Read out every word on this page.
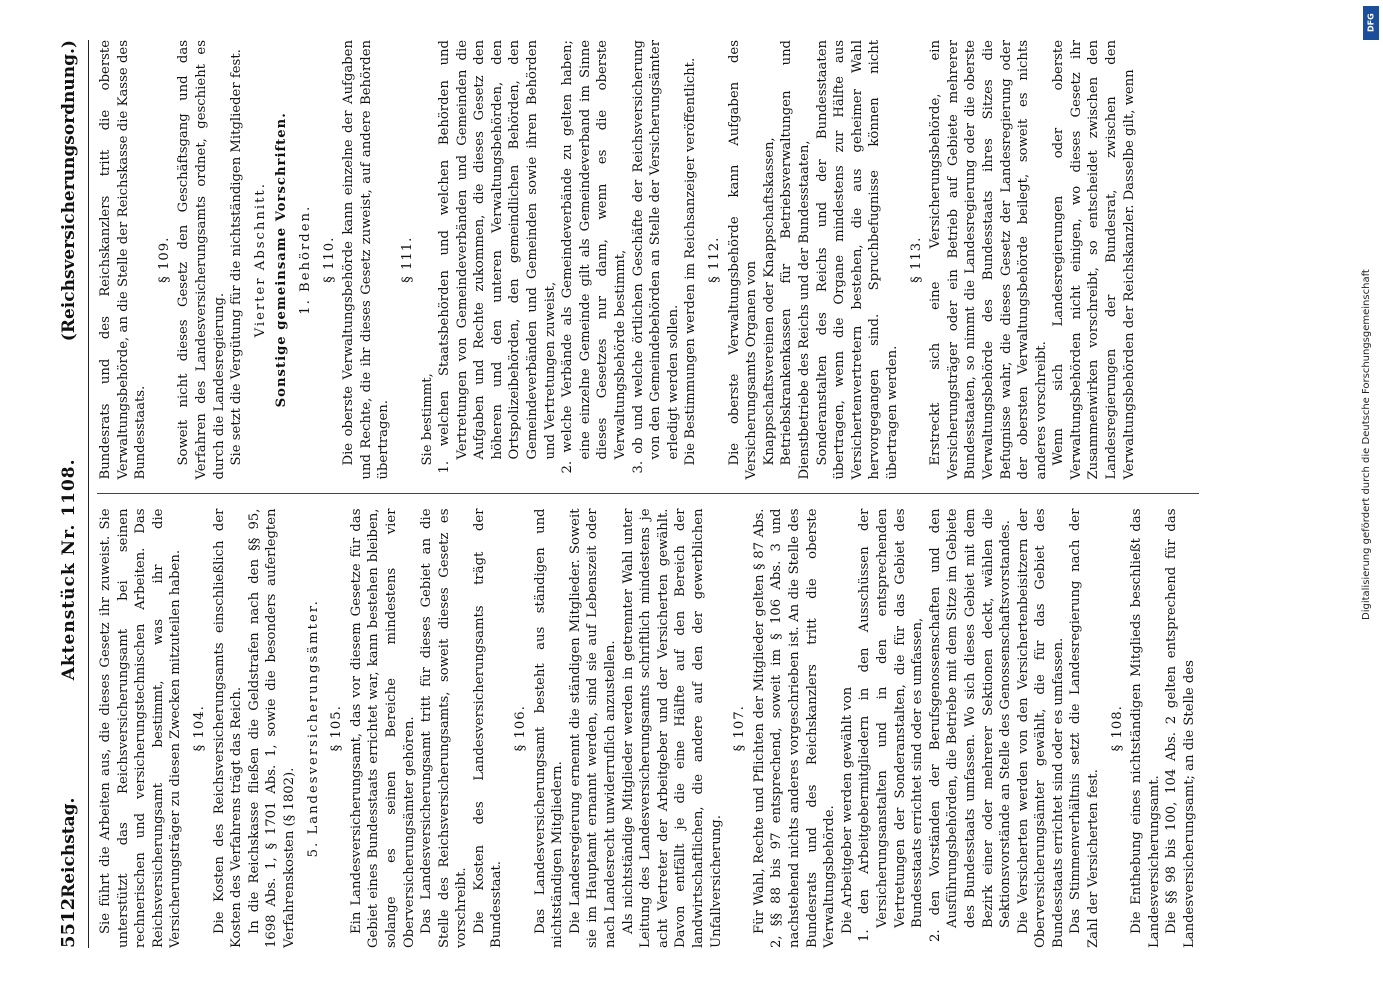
5512
Reichstag.
Aktenstück Nr. 1108.
(Reichsversicherungsordnung.)

Sie führt die Arbeiten aus, die dieses Gesetz ihr zuweist. Sie unterstützt das Reichsversicherungsamt bei seinen rechnerischen und versicherungstechnischen Arbeiten. Das Reichsversicherungsamt bestimmt, was ihr die Versicherungsträger zu diesen Zwecken mitzuteilen haben. § 104. Die Kosten des Reichsversicherungsamts einschließlich der Kosten des Verfahrens trägt das Reich. In die Reichskasse fließen die Geldstrafen nach den §§ 95, 1698 Abs. 1, § 1701 Abs. 1, sowie die besonders auferlegten Verfahrenskosten (§ 1802).

5. Landesversicherungsämter. § 105. Ein Landesversicherungsamt, das vor diesem Gesetze für das Gebiet eines Bundesstaats errichtet war, kann bestehen bleiben, solange es seinen Bereiche mindestens vier Oberversicherungsämter gehören. Das Landesversicherungsamt tritt für dieses Gebiet an die Stelle des Reichsversicherungsamts, soweit dieses Gesetz es vorschreibt. Die Kosten des Landesversicherungsamts trägt der Bundesstaat.

§ 106. Das Landesversicherungsamt besteht aus ständigen und nichtständigen Mitgliedern. Die Landesregierung ernennt die ständigen Mitglieder. Soweit sie im Hauptamt ernannt werden, sind sie auf Lebenszeit oder nach Landesrecht unwiderruflich anzustellen. Als nichtständige Mitglieder werden in getrennter Wahl unter Leitung des Landesversicherungsamts schriftlich mindestens je acht Vertreter der Arbeitgeber und der Versicherten gewählt. Davon entfällt je die eine Hälfte auf den Bereich der landwirtschaftlichen, die andere auf den der gewerblichen Unfallversicherung.

§ 107. Für Wahl, Rechte und Pflichten der Mitglieder gelten § 87 Abs. 2, §§ 88 bis 97 entsprechend, soweit im § 106 Abs. 3 und nachstehend nichts anderes vorgeschrieben ist. An die Stelle des Bundesrats und des Reichskanzlers tritt die oberste Verwaltungsbehörde. Die Arbeitgeber werden gewählt von 1. den Arbeitgebermitgliedern in den Ausschüssen der Versicherungsanstalten und in den entsprechenden Vertretungen der Sonderanstalten, die für das Gebiet des Bundesstaats errichtet sind oder es umfassen, 2. den Vorständen der Berufsgenossenschaften und den Ausführungsbehörden, die Betriebe mit dem Sitze im Gebiete des Bundesstaats umfassen. Wo sich dieses Gebiet mit dem Bezirk einer oder mehrerer Sektionen deckt, wählen die Sektionsvorstände an Stelle des Genossenschaftsvorstandes. Die Versicherten werden von den Versichertenbeisitzern der Oberversicherungsämter gewählt, die für das Gebiet des Bundesstaats errichtet sind oder es umfassen. Das Stimmenverhältnis setzt die Landesregierung nach der Zahl der Versicherten fest.

§ 108. Die Enthebung eines nichtständigen Mitglieds beschließt das Landesversicherungsamt. Die §§ 98 bis 100, 104 Abs. 2 gelten entsprechend für das Landesversicherungsamt; an die Stelle des

Bundesrats und des Reichskanzlers tritt die oberste Verwaltungsbehörde, an die Stelle der Reichskasse die Kasse des Bundesstaats.

§ 109. Soweit nicht dieses Gesetz den Geschäftsgang und das Verfahren des Landesversicherungsamts ordnet, geschieht es durch die Landesregierung. Sie setzt die Vergütung für die nichtständigen Mitglieder fest. Vierter Abschnitt. Sonstige gemeinsame Vorschriften. 1. Behörden. § 110. Die oberste Verwaltungsbehörde kann einzelne der Aufgaben und Rechte, die ihr dieses Gesetz zuweist, auf andere Behörden übertragen.

§ 111.

Sie bestimmt, 1. welchen Staatsbehörden und welchen Behörden und Vertretungen von Gemeindeverbänden und Gemeinden die Aufgaben und Rechte zukommen, die dieses Gesetz den höheren und den unteren Verwaltungsbehörden, den Ortspolizeibehörden, den gemeindlichen Behörden, den Gemeindeverbänden und Gemeinden sowie ihren Behörden und Vertretungen zuweist, 2. welche Verbände als Gemeindeverbände zu gelten haben; eine einzelne Gemeinde gilt als Gemeindeverband im Sinne dieses Gesetzes nur dann, wenn es die oberste Verwaltungsbehörde bestimmt, 3. ob und welche örtlichen Geschäfte der Reichsversicherung von den Gemeindebehörden an Stelle der Versicherungsämter erledigt werden sollen. Die Bestimmungen werden im Reichsanzeiger veröffentlicht. § 112. Die oberste Verwaltungsbehörde kann Aufgaben des Versicherungsamts Organen von Knappschaftsvereinen oder Knappschaftskassen, Betriebskrankenkassen für Betriebsverwaltungen und Dienstbetriebe des Reichs und der Bundesstaaten, Sonderanstalten des Reichs und der Bundesstaaten übertragen, wenn die Organe mindestens zur Hälfte aus Versichertenvertretern bestehen, die aus geheimer Wahl hervorgegangen sind. Spruchbefugnisse können nicht übertragen werden.

§ 113. Erstreckt sich eine Versicherungsbehörde, ein Versicherungsträger oder ein Betrieb auf Gebiete mehrerer Bundesstaaten, so nimmt die Landesregierung oder die oberste Verwaltungsbehörde des Bundesstaats ihres Sitzes die Befugnisse wahr, die dieses Gesetz der Landesregierung oder der obersten Verwaltungsbehörde beilegt, soweit es nichts anderes vorschreibt. Wenn sich Landesregierungen oder oberste Verwaltungsbehörden nicht einigen, wo dieses Gesetz ihr Zusammenwirken vorschreibt, so entscheidet zwischen den Landesregierungen der Bundesrat, zwischen den Verwaltungsbehörden der Reichskanzler. Dasselbe gilt, wenn

DFG
Digitalisierung gefördert durch die Deutsche Forschungsgemeinschaft
